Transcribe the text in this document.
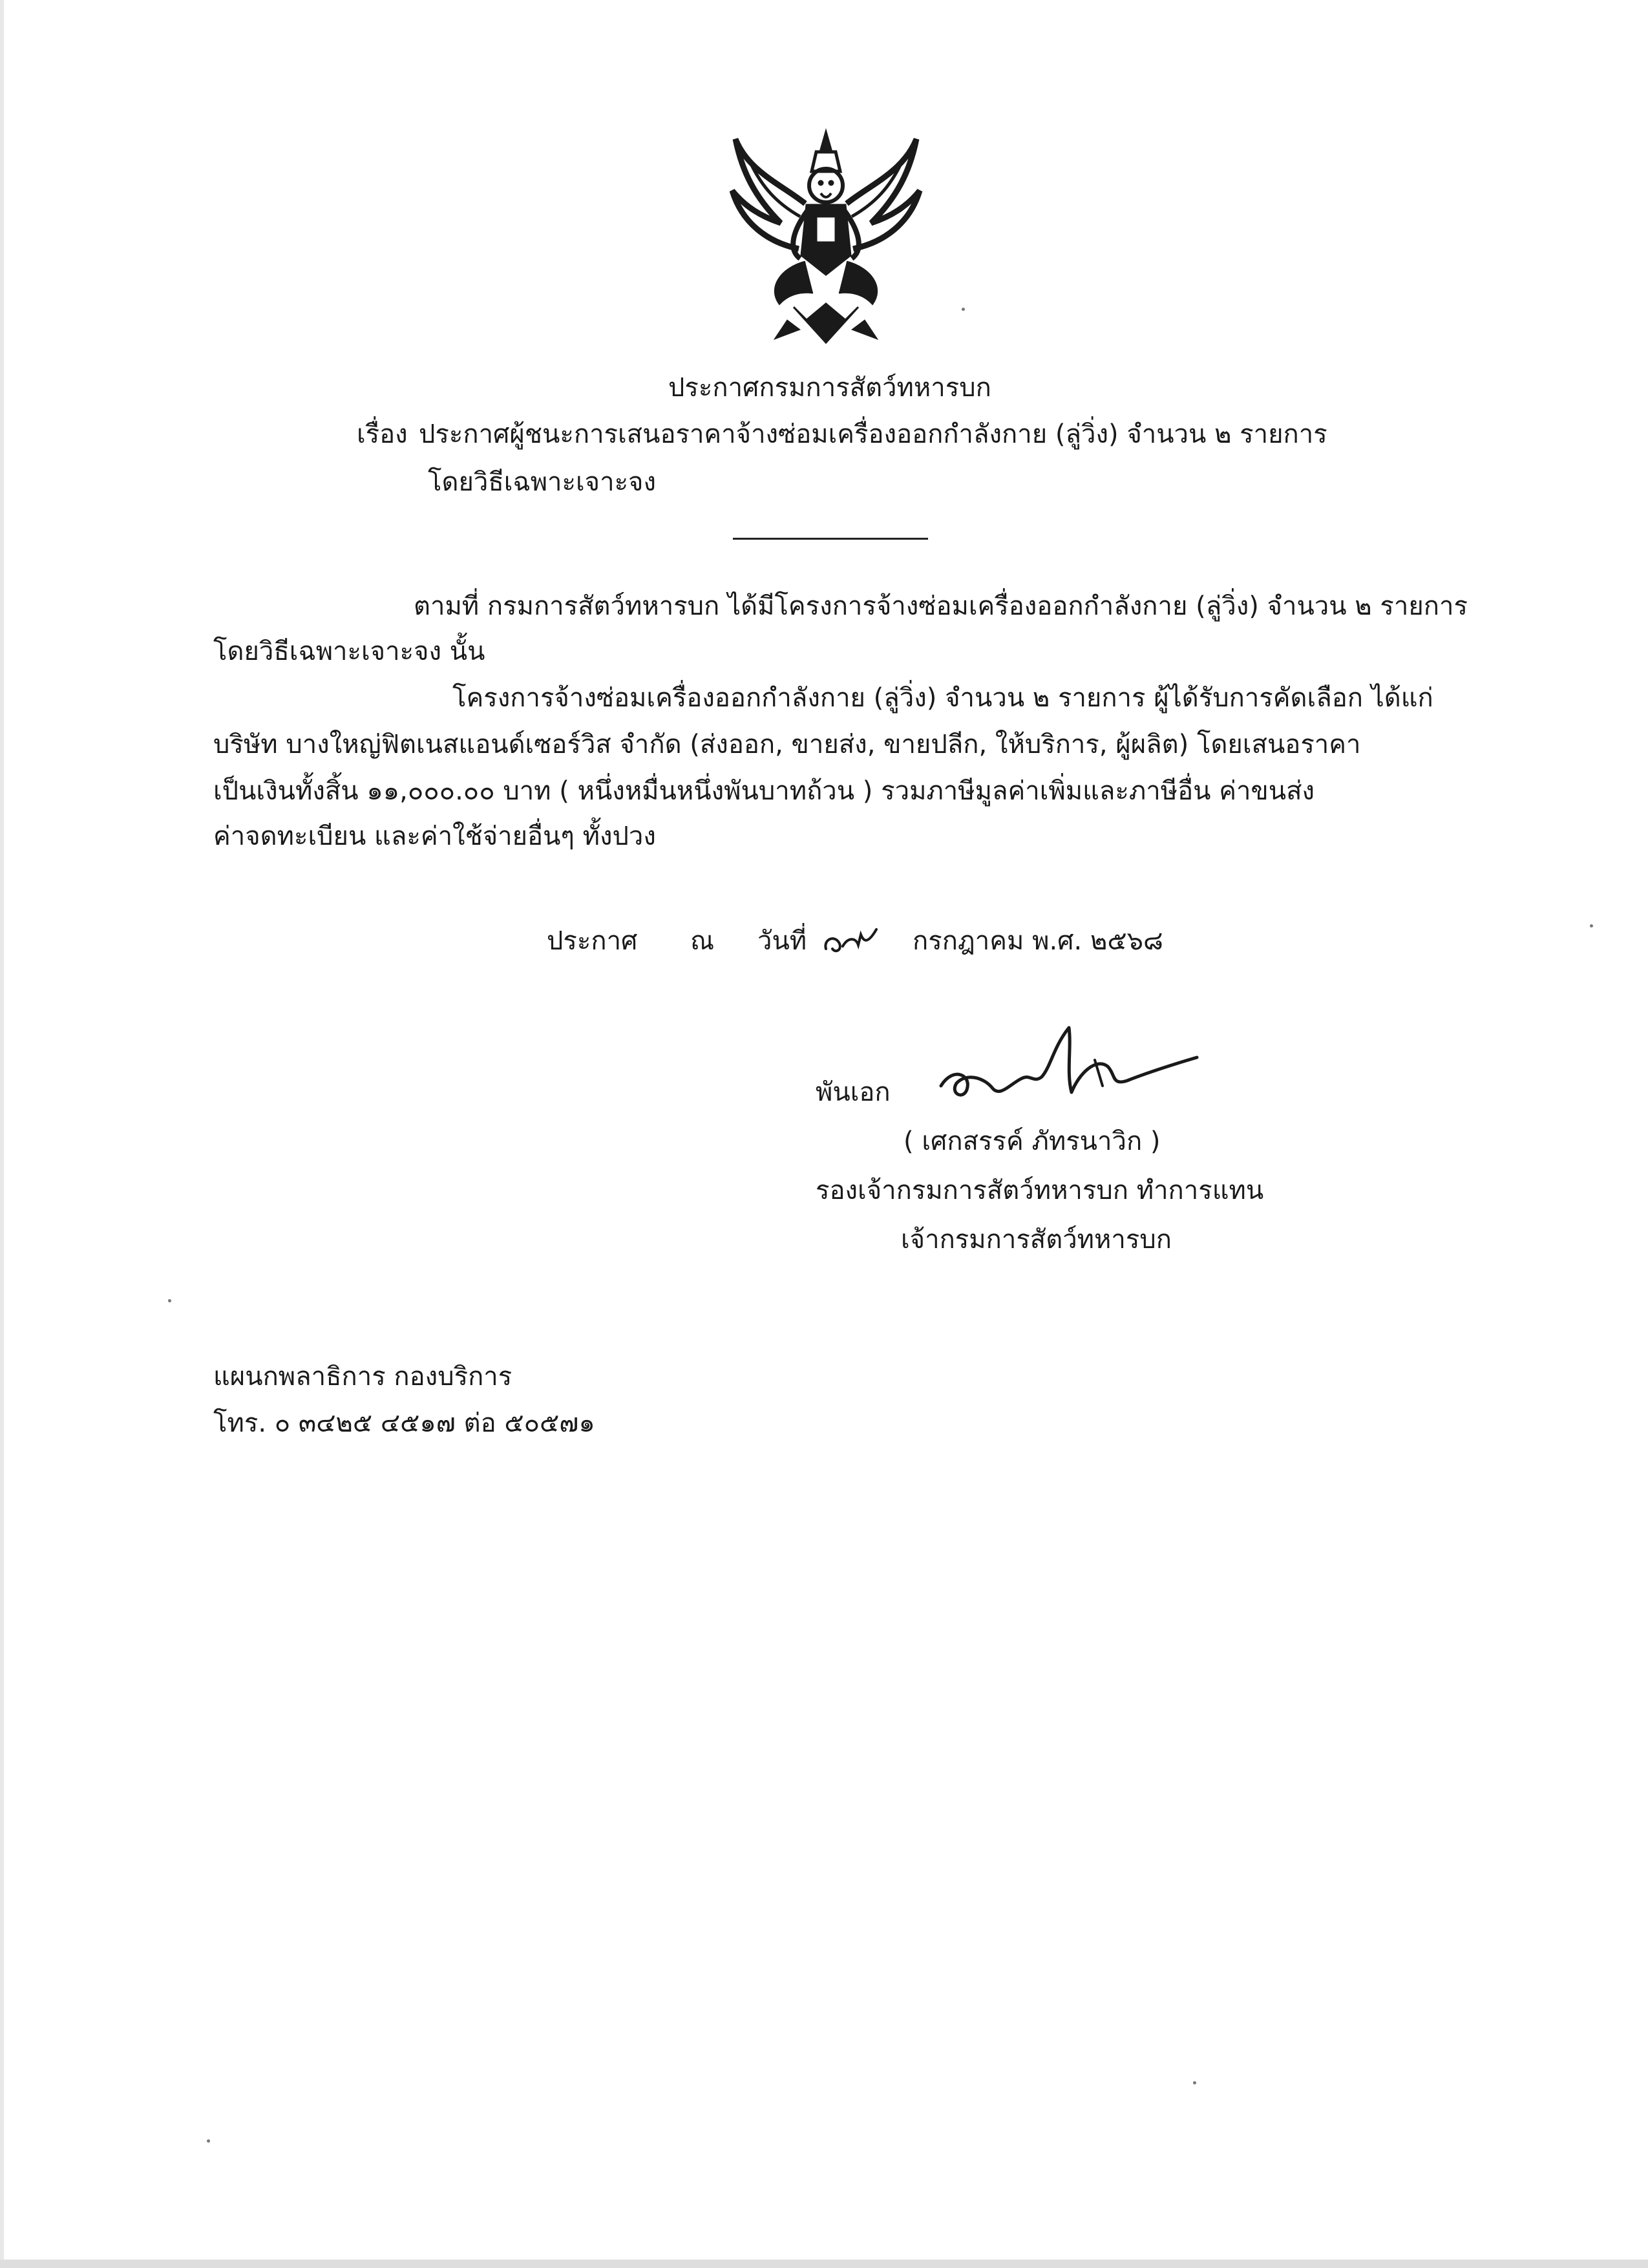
ประกาศกรมการสัตว์ทหารบก
เรื่อง ประกาศผู้ชนะการเสนอราคาจ้างซ่อมเครื่องออกกำลังกาย (ลู่วิ่ง) จำนวน ๒ รายการ
โดยวิธีเฉพาะเจาะจง
ตามที่ กรมการสัตว์ทหารบก ได้มีโครงการจ้างซ่อมเครื่องออกกำลังกาย (ลู่วิ่ง) จำนวน ๒ รายการ
โดยวิธีเฉพาะเจาะจง นั้น
โครงการจ้างซ่อมเครื่องออกกำลังกาย (ลู่วิ่ง) จำนวน ๒ รายการ ผู้ได้รับการคัดเลือก ได้แก่
บริษัท บางใหญ่ฟิตเนสแอนด์เซอร์วิส จำกัด (ส่งออก, ขายส่ง, ขายปลีก, ให้บริการ, ผู้ผลิต) โดยเสนอราคา
เป็นเงินทั้งสิ้น ๑๑,๐๐๐.๐๐ บาท ( หนึ่งหมื่นหนึ่งพันบาทถ้วน ) รวมภาษีมูลค่าเพิ่มและภาษีอื่น ค่าขนส่ง
ค่าจดทะเบียน และค่าใช้จ่ายอื่นๆ ทั้งปวง
ประกาศ ณ วันที่	กรกฎาคม พ.ศ. ๒๕๖๘
พันเอก
( เศกสรรค์ ภัทรนาวิก )
รองเจ้ากรมการสัตว์ทหารบก ทำการแทน
เจ้ากรมการสัตว์ทหารบก
แผนกพลาธิการ กองบริการ
โทร. ๐ ๓๔๒๕ ๔๕๑๗ ต่อ ๕๐๕๗๑
